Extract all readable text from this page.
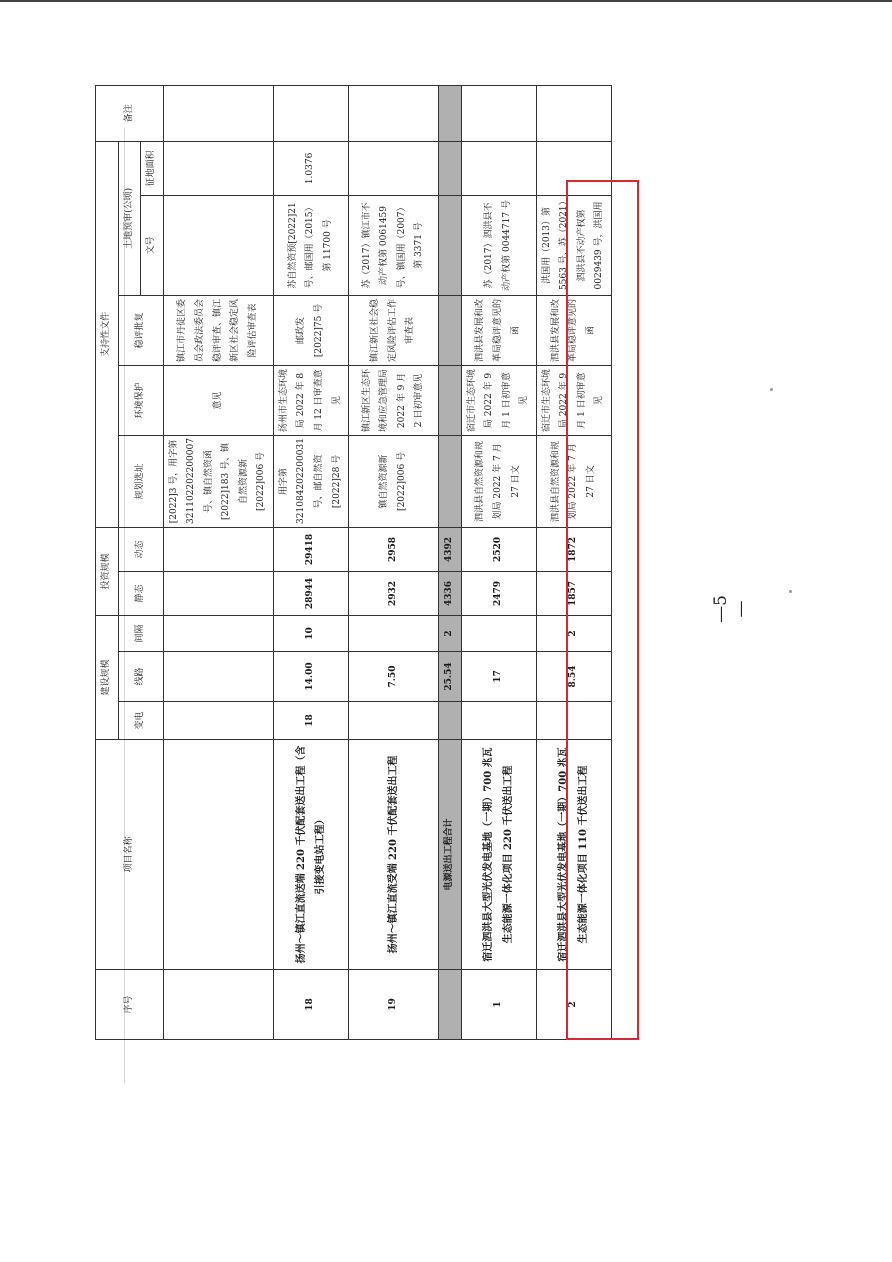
序号	项目名称	建设规模			投资规模		支持性文件					备注
		变电	线路	间隔	静态	动态	规划选址	环境保护	稳评批复	土地预审(公顷)		
										文号	征地面积	
							[2022]3 号，用字第 321102202200007 号、镇自然资函 [2022]183 号、镇自然资源新 [2022]006 号	意见	镇江市丹徒区委员会政法委员会稳评审查、镇江新区社会稳定风险评估审查表			
18	扬州～镇江直流送端 220 千伏配套送出工程（含引接变电站工程）	18	14.00	10	28944	29418	用字第 321084202200031 号、邮自然资 [2022]28 号	扬州市生态环境局 2022 年 8 月 12 日审查意见	邮政发 [2022]75 号	苏自然资预[2022]21 号、邮国用（2015）第 11700 号	1.0376	
19	扬州～镇江直流受端 220 千伏配套送出工程		7.50		2932	2958	镇自然资源新 [2022]006 号	镇江新区生态环境和应急管理局 2022 年 9 月 2 日初审意见	镇江新区社会稳定风险评估工作审查表	苏（2017）镇江市不动产权第 0061459 号、镇国用（2007）第 3371 号		
	电源送出工程合计		25.54	2	4336	4392						
1	宿迁泗洪县大型光伏发电基地（一期）700 兆瓦生态能源一体化项目 220 千伏送出工程		17		2479	2520	泗洪县自然资源和规划局 2022 年 7 月 27 日文	宿迁市生态环境局 2022 年 9 月 1 日初审意见	泗洪县发展和改革局稳评意见的函	苏（2017）泗洪县不动产权第 0044717 号		
2	宿迁泗洪县大型光伏发电基地（一期）700 兆瓦生态能源一体化项目 110 千伏送出工程		8.54	2	1857	1872	泗洪县自然资源和规划局 2022 年 7 月 27 日文	宿迁市生态环境局 2022 年 9 月 1 日初审意见	泗洪县发展和改革局稳评意见的函	洪国用（2013）第 5563 号、苏（2021）泗洪县不动产权第 0029439 号，洪国用		
—5—
